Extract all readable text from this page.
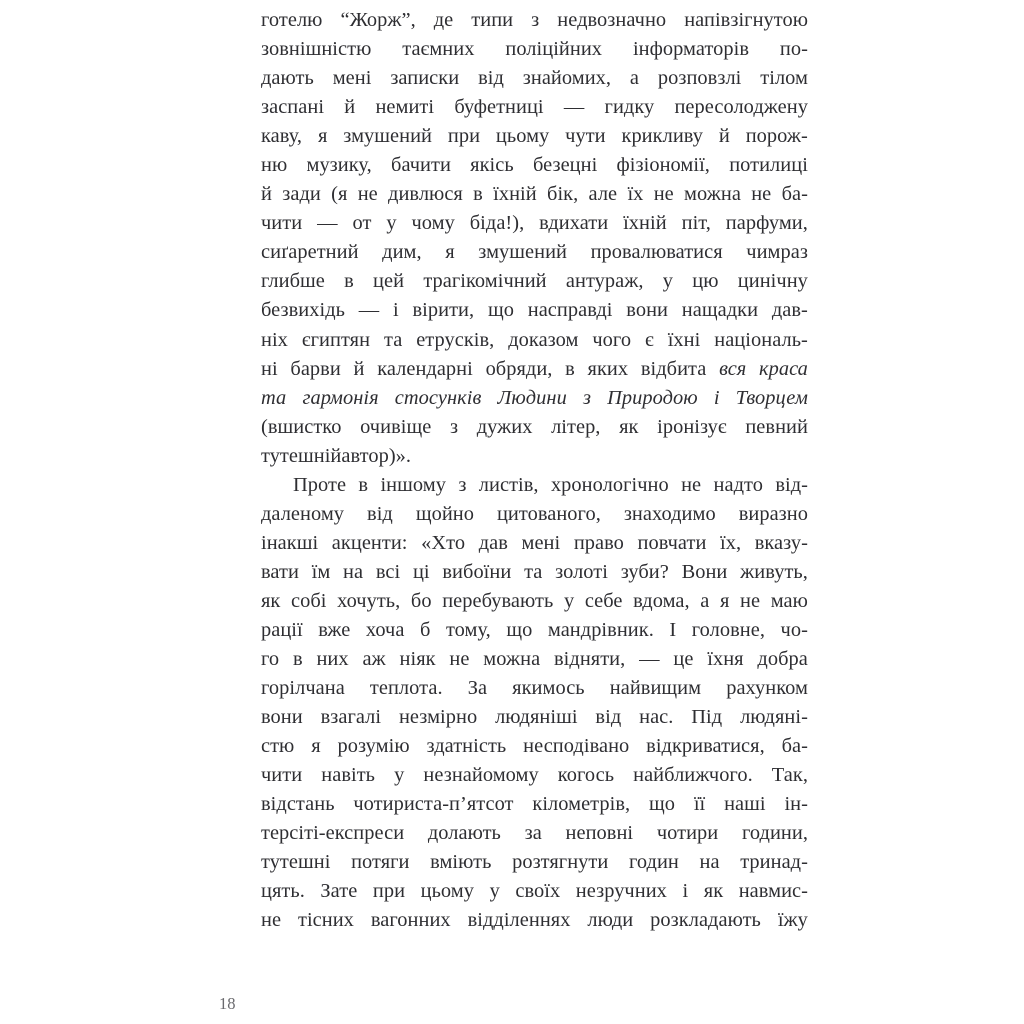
готелю “Жорж”, де типи з недвозначно напівзігнутою
зовнішністю таємних поліційних інформаторів по-
дають мені записки від знайомих, а розповзлі тілом
заспані й немиті буфетниці — гидку пересолоджену
каву, я змушений при цьому чути крикливу й порож-
ню музику, бачити якісь безецні фізіономії, потилиці
й зади (я не дивлюся в їхній бік, але їх не можна не ба-
чити — от у чому біда!), вдихати їхній піт, парфуми,
сиґаретний дим, я змушений провалюватися чимраз
глибше в цей трагікомічний антураж, у цю цинічну
безвихідь — і вірити, що насправді вони нащадки дав-
ніх єгиптян та етрусків, доказом чого є їхні національ-
ні барви й календарні обряди, в яких відбита вся краса
та гармонія стосунків Людини з Природою і Творцем
(вшистко очивіще з дужих літер, як іронізує певний
тутешній автор)».
Проте в іншому з листів, хронологічно не надто від-
даленому від щойно цитованого, знаходимо виразно
інакші акценти: «Хто дав мені право повчати їх, вказу-
вати їм на всі ці вибоїни та золоті зуби? Вони живуть,
як собі хочуть, бо перебувають у себе вдома, а я не маю
рації вже хоча б тому, що мандрівник. І головне, чо-
го в них аж ніяк не можна відняти, — це їхня добра
горілчана теплота. За якимось найвищим рахунком
вони взагалі незмірно людяніші від нас. Під людяні-
стю я розумію здатність несподівано відкриватися, ба-
чити навіть у незнайомому когось найближчого. Так,
відстань чотириста-п’ятсот кілометрів, що її наші ін-
терсіті-експреси долають за неповні чотири години,
тутешні потяги вміють розтягнути годин на тринад-
цять. Зате при цьому у своїх незручних і як навмис-
не тісних вагонних відділеннях люди розкладають їжу
18
